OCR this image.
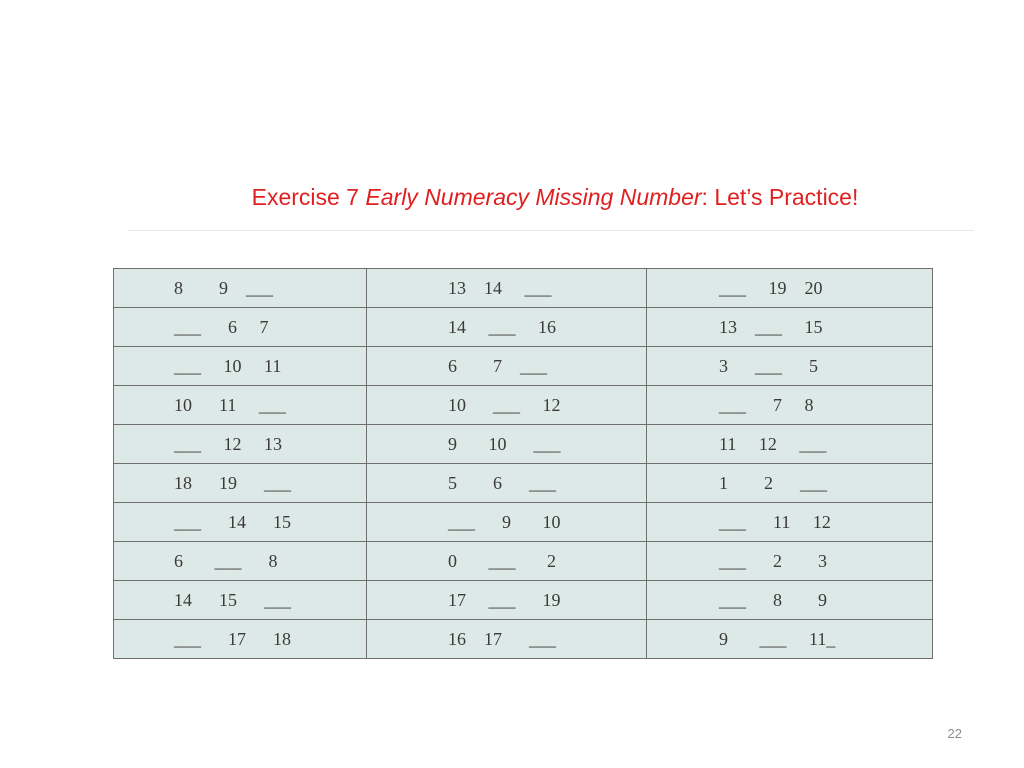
Exercise 7 Early Numeracy Missing Number: Let’s Practice!
8        9    ___	13    14     ___	___     19    20
___      6     7	14     ___     16	13    ___     15
___     10     11	6        7    ___	3      ___      5
10      11     ___	10      ___     12	___      7     8
___     12     13	9       10      ___	11     12     ___
18      19      ___	5        6      ___	1        2      ___
___      14      15	___      9       10	___      11     12
6       ___      8	0       ___       2	___      2        3
14      15      ___	17     ___      19	___      8        9
___      17      18	16    17      ___	9       ___     11_
22
